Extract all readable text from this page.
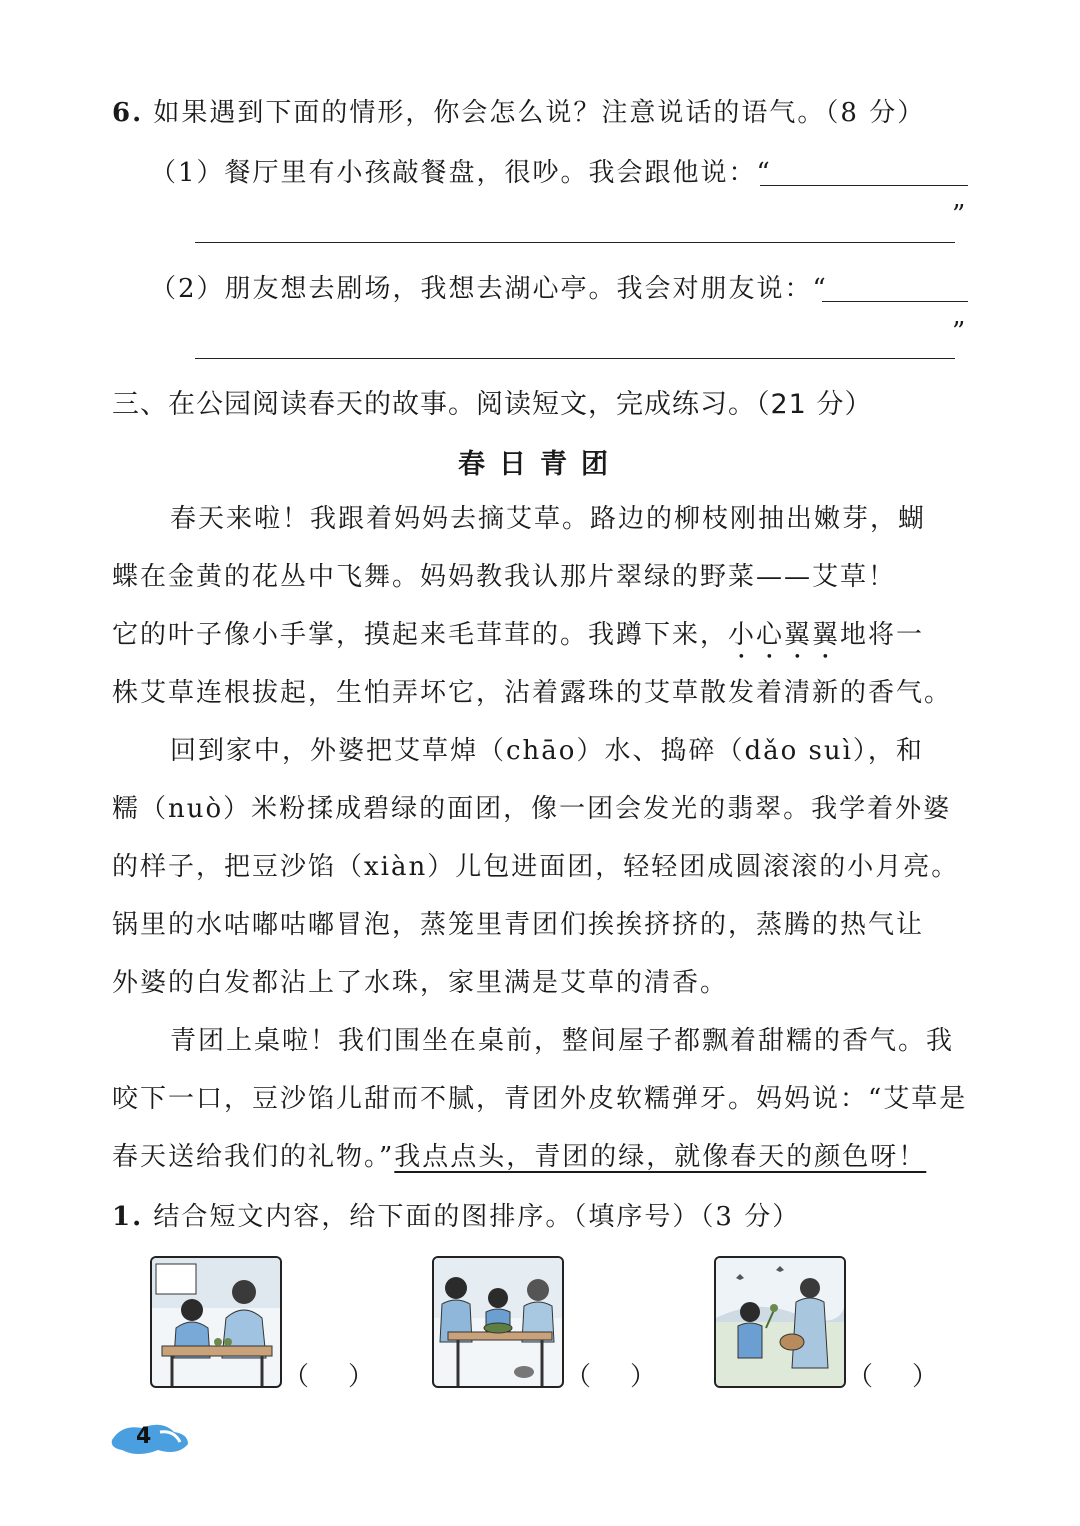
6. 如果遇到下面的情形，你会怎么说？注意说话的语气。（8 分）
（1）餐厅里有小孩敲餐盘，很吵。我会跟他说：“
”
（2）朋友想去剧场，我想去湖心亭。我会对朋友说：“
”
三、在公园阅读春天的故事。阅读短文，完成练习。（21 分）
春日青团
春天来啦！我跟着妈妈去摘艾草。路边的柳枝刚抽出嫩芽，蝴
蝶在金黄的花丛中飞舞。妈妈教我认那片翠绿的野菜——艾草！
它的叶子像小手掌，摸起来毛茸茸的。我蹲下来，小心翼翼地将一
株艾草连根拔起，生怕弄坏它，沾着露珠的艾草散发着清新的香气。
回到家中，外婆把艾草焯（chāo）水、捣碎（dǎo suì），和
糯（nuò）米粉揉成碧绿的面团，像一团会发光的翡翠。我学着外婆
的样子，把豆沙馅（xiàn）儿包进面团，轻轻团成圆滚滚的小月亮。
锅里的水咕嘟咕嘟冒泡，蒸笼里青团们挨挨挤挤的，蒸腾的热气让
外婆的白发都沾上了水珠，家里满是艾草的清香。
青团上桌啦！我们围坐在桌前，整间屋子都飘着甜糯的香气。我
咬下一口，豆沙馅儿甜而不腻，青团外皮软糯弹牙。妈妈说：“艾草是
春天送给我们的礼物。”我点点头，青团的绿，就像春天的颜色呀！
1. 结合短文内容，给下面的图排序。（填序号）（3 分）
（ ）	（ ）	（ ）
4
